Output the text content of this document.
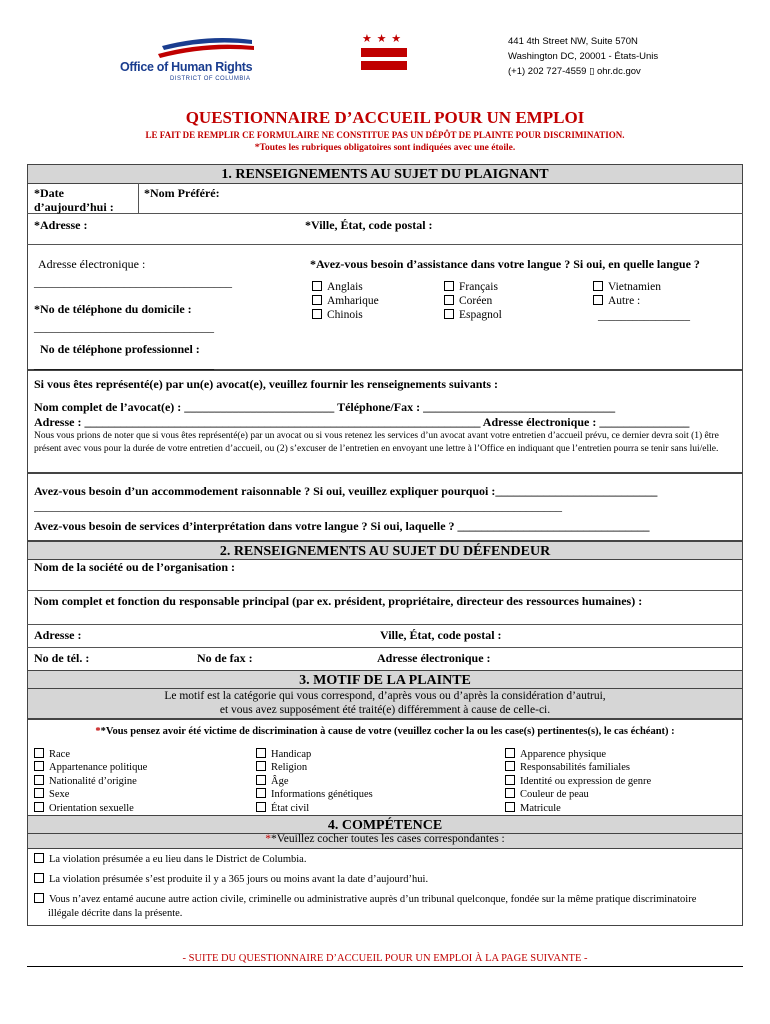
Office of Human Rights
DISTRICT OF COLUMBIA
★ ★ ★	441 4th Street NW, Suite 570N
Washington DC, 20001 - États-Unis
(+1) 202 727-4559 ▯ ohr.dc.gov
QUESTIONNAIRE D’ACCUEIL POUR UN EMPLOI
LE FAIT DE REMPLIR CE FORMULAIRE NE CONSTITUE PAS UN DÉPÔT DE PLAINTE POUR DISCRIMINATION.
*Toutes les rubriques obligatoires sont indiquées avec une étoile.
1. RENSEIGNEMENTS AU SUJET DU PLAIGNANT
*Date d’aujourd’hui :
*Nom Préféré:
*Adresse :	*Ville, État, code postal :
Adresse électronique :
_________________________________
*No de téléphone du domicile :
______________________________
No de téléphone professionnel :
______________________________
*Avez-vous besoin d’assistance dans votre langue ? Si oui, en quelle langue ?
Anglais
Amharique
Chinois
Français
Coréen
Espagnol
Vietnamien
Autre :
________________
Si vous êtes représenté(e) par un(e) avocat(e), veuillez fournir les renseignements suivants :
Nom complet de l’avocat(e) : _________________________ Téléphone/Fax : ________________________________
Adresse : __________________________________________________________________ Adresse électronique : _______________
Nous vous prions de noter que si vous êtes représenté(e) par un avocat ou si vous retenez les services d’un avocat avant votre entretien d’accueil prévu, ce dernier devra soit (1) être présent avec vous pour la durée de votre entretien d’accueil, ou (2) s’excuser de l’entretien en envoyant une lettre à l’Office en indiquant que l’entretien pourra se tenir sans lui/elle.
Avez-vous besoin d’un accommodement raisonnable ? Si oui, veuillez expliquer pourquoi :___________________________
________________________________________________________________________________________
Avez-vous besoin de services d’interprétation dans votre langue ? Si oui, laquelle ? ________________________________
2. RENSEIGNEMENTS AU SUJET DU DÉFENDEUR
Nom de la société ou de l’organisation :
Nom complet et fonction du responsable principal (par ex. président, propriétaire, directeur des ressources humaines) :
Adresse :	Ville, État, code postal :
No de tél. :	No de fax :	Adresse électronique :
3. MOTIF DE LA PLAINTE
Le motif est la catégorie qui vous correspond, d’après vous ou d’après la considération d’autrui,
et vous avez supposément été traité(e) différemment à cause de celle-ci.
**Vous pensez avoir été victime de discrimination à cause de votre (veuillez cocher la ou les case(s) pertinentes(s), le cas échéant) :
Race
Appartenance politique
Nationalité d’origine
Sexe
Orientation sexuelle
Handicap
Religion
Âge
Informations génétiques
État civil
Apparence physique
Responsabilités familiales
Identité ou expression de genre
Couleur de peau
Matricule
4. COMPÉTENCE
**Veuillez cocher toutes les cases correspondantes :
La violation présumée a eu lieu dans le District de Columbia.
La violation présumée s’est produite il y a 365 jours ou moins avant la date d’aujourd’hui.
Vous n’avez entamé aucune autre action civile, criminelle ou administrative auprès d’un tribunal quelconque, fondée sur la même pratique discriminatoire illégale décrite dans la présente.
- SUITE DU QUESTIONNAIRE D’ACCUEIL POUR UN EMPLOI À LA PAGE SUIVANTE -
